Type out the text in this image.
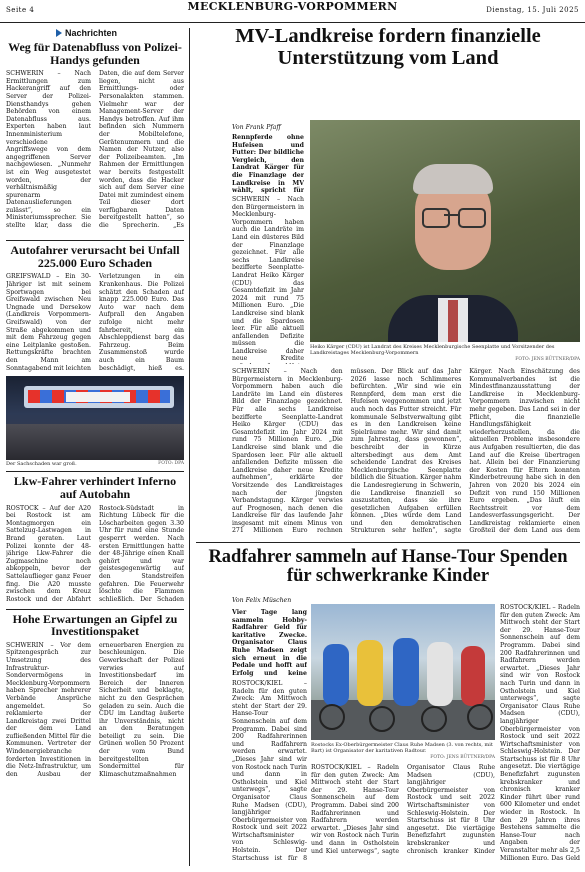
Seite 4	MECKLENBURG-VORPOMMERN	Dienstag, 15. Juli 2025
Nachrichten
Weg für Datenabfluss von Polizei-Handys gefunden
SCHWERIN – Nach Ermittlungen zum Hackerangriff auf den Server der Polizei-Diensthandys gehen Behörden von einem Datenabfluss aus. Experten haben laut Innenministerium verschiedene Angriffswege von dem angegriffenen Server nachgewiesen. „Nunmehr ist ein Weg ausgetestet worden, der verhältnismäßig spurenarm Datenauslieferungen zulässt“, so ein Ministeriumssprecher. Sie stellte klar, dass die Daten, die auf dem Server liegen, nicht aus Ermittlungs- oder Personalakten stammen. Vielmehr war der Management-Server der Handys betroffen. Auf ihm befinden sich Nummern der Mobiltelefone, Gerätenummern und die Namen der Nutzer, also der Polizeibeamten. „Im Rahmen der Ermittlungen war bereits festgestellt worden, dass die Hacker sich auf dem Server eine Datei mit zumindest einem Teil dieser dort verfügbaren Daten bereitgestellt hatten“, so die Sprecherin. „Es
Autofahrer verursacht bei Unfall 225.000 Euro Schaden
GREIFSWALD – Ein 30-Jähriger ist mit seinem Sportwagen bei Greifswald zwischen Neu Ungnade und Dersekow (Landkreis Vorpommern-Greifswald) von der Straße abgekommen und mit dem Fahrzeug gegen eine Leitplanke gestoßen. Rettungskräfte brachten den Mann am Sonntagabend mit leichten Verletzungen in ein Krankenhaus. Die Polizei schätzt den Schaden auf knapp 225.000 Euro. Das Auto war nach dem Aufprall den Angaben zufolge nicht mehr fahrbereit, ein Abschleppdienst barg das Fahrzeug. Beim Zusammenstoß wurde auch ein Baum beschädigt, hieß es.
Der Sachschaden war groß.	FOTO: DPA
Lkw-Fahrer verhindert Inferno auf Autobahn
ROSTOCK – Auf der A20 bei Rostock ist am Montagmorgen ein Sattelzug-Lastwagen in Brand geraten. Laut Polizei konnte der 48-jährige Lkw-Fahrer die Zugmaschine noch abkoppeln, bevor der Sattelauflieger ganz Feuer fing. Die A20 musste zwischen dem Kreuz Rostock und der Abfahrt Rostock-Südstadt in Richtung Lübeck für die Löscharbeiten gegen 3.30 Uhr für rund eine Stunde gesperrt werden. Nach ersten Ermittlungen hatte der 48-Jährige einen Knall gehört und war geistesgegenwärtig auf den Standstreifen gefahren. Die Feuerwehr löschte die Flammen schließlich. Der Schaden
Hohe Erwartungen an Gipfel zu Investitionspaket
SCHWERIN – Vor dem Spitzengespräch zur Umsetzung des Infrastruktur-Sondervermögens in Mecklenburg-Vorpommern haben Sprecher mehrerer Verbände Ansprüche angemeldet. So reklamierte der Landkreistag zwei Drittel der dem Land zufließenden Mittel für die Kommunen. Vertreter der Windenergiebranche forderten Investitionen in die Netz-Infrastruktur, um den Ausbau der erneuerbaren Energien zu beschleunigen. Die Gewerkschaft der Polizei verwies auf Investitionsbedarf im Bereich der Inneren Sicherheit und beklagte, nicht zu den Gesprächen geladen zu sein. Auch die CDU im Landtag äußerte ihr Unverständnis, nicht an den Beratungen beteiligt zu sein. Die Grünen wollen 50 Prozent der vom Bund bereitgestellten Sondermittel für Klimaschutzmaßnahmen
MV-Landkreise fordern finanzielle Unterstützung vom Land
Von Frank Pfaff
Rennpferde ohne Hufeisen und Futter: Der bildliche Vergleich, den Landrat Kärger für die Finanzlage der Landkreise in MV wählt, spricht für
Heiko Kärger (CDU) ist Landrat des Kreises Mecklenburgische Seenplatte und Vorsitzender des Landkreistages Mecklenburg-Vorpommern
FOTO: JENS BÜTTNER/DPA
SCHWERIN – Nach den Bürgermeistern in Mecklenburg-Vorpommern haben auch die Landräte im Land ein düsteres Bild der Finanzlage gezeichnet. Für alle sechs Landkreise bezifferte Seenplatte-Landrat Heiko Kärger (CDU) das Gesamtdefizit im Jahr 2024 mit rund 75 Millionen Euro. „Die Landkreise sind blank und die Spardosen leer. Für alle aktuell anfallenden Defizite müssen die Landkreise daher neue Kredite
SCHWERIN – Nach den Bürgermeistern in Mecklenburg-Vorpommern haben auch die Landräte im Land ein düsteres Bild der Finanzlage gezeichnet. Für alle sechs Landkreise bezifferte Seenplatte-Landrat Heiko Kärger (CDU) das Gesamtdefizit im Jahr 2024 mit rund 75 Millionen Euro. „Die Landkreise sind blank und die Spardosen leer. Für alle aktuell anfallenden Defizite müssen die Landkreise daher neue Kredite aufnehmen“, erklärte der Vorsitzende des Landkreistages nach der jüngsten Verbandstagung. Kärger verwies auf Prognosen, nach denen die Landkreise für das laufende Jahr insgesamt mit einem Minus von 271 Millionen Euro rechnen müssen. Der Blick auf das Jahr 2026 lasse noch Schlimmeres befürchten. „Wir sind wie ein Rennpferd, dem man erst die Hufeisen weggenommen und jetzt auch noch das Futter streicht. Für kommunale Selbstverwaltung gibt es in den Landkreisen keine Spielräume mehr. Wir sind damit zum Jahrestag, dass gewonnen“, beschreibt der in Kürze altersbedingt aus dem Amt scheidende Landrat des Kreises Mecklenburgische Seenplatte bildlich die Situation. Kärger nahm die Landesregierung in Schwerin, die Landkreise finanziell so auszustatten, dass sie ihre gesetzlichen Aufgaben erfüllen können. „Dies würde dem Land und den demokratischen Strukturen sehr helfen“, sagte Kärger. Nach Einschätzung des Kommunalverbandes ist die Mindestfinanzausstattung der Landkreise in Mecklenburg-Vorpommern inzwischen nicht mehr gegeben. Das Land sei in der Pflicht, die finanzielle Handlungsfähigkeit wiederherzustellen, da die aktuellen Probleme insbesondere aus Aufgaben resultierten, die das Land auf die Kreise übertragen hat. Allein bei der Finanzierung der Kosten für Eltern konnten Kinderbetreuung habe sich in den Jahren von 2020 bis 2024 ein Defizit von rund 150 Millionen Euro ergeben. „Das läuft ein Rechtsstreit vor dem Landesverfassungsgericht. Der Landkreistag reklamierte einen Großteil der dem Land aus dem
Radfahrer sammeln auf Hanse-Tour Spenden für schwerkranke Kinder
Von Felix Müschen
Vier Tage lang sammeln Hobby-Radfahrer Geld für karitative Zwecke. Organisator Claus Ruhe Madsen zeigt sich erneut in die Pedale und hofft auf Erfolg und keine
Rostocks Ex-Oberbürgermeister Claus Ruhe Madsen (3. von rechts, mit Bart) ist Organisator der karitativen Radtour.
FOTO: JENS BÜTTNER/DPA
ROSTOCK/KIEL – Radeln für den guten Zweck: Am Mittwoch steht der Start der 29. Hanse-Tour Sonnenschein auf dem Programm. Dabei sind 200 Radfahrerinnen und Radfahrern werden erwartet. „Dieses Jahr sind wir von Rostock nach Turin und dann in Ostholstein und Kiel unterwegs“, sagte Organisator Claus Ruhe Madsen (CDU), langjähriger Oberbürgermeister von Rostock und seit 2022 Wirtschaftsminister von Schleswig-Holstein. Der Startschuss ist für 8
ROSTOCK/KIEL – Radeln für den guten Zweck: Am Mittwoch steht der Start der 29. Hanse-Tour Sonnenschein auf dem Programm. Dabei sind 200 Radfahrerinnen und Radfahrern werden erwartet. „Dieses Jahr sind wir von Rostock nach Turin und dann in Ostholstein und Kiel unterwegs“, sagte Organisator Claus Ruhe Madsen (CDU), langjähriger Oberbürgermeister von Rostock und seit 2022 Wirtschaftsminister von Schleswig-Holstein. Der Startschuss ist für 8 Uhr angesetzt. Die viertägige Benefizfahrt zugunsten krebskranker und chronisch kranker Kinder führt über rund 600 Kilometer und endet wieder in Rostock. In den 29 Jahren ihres Bestehens sammelte die Hanse-Tour nach Angaben der Veranstalter mehr als 2,5 Millionen Euro. Das Geld
ROSTOCK/KIEL – Radeln für den guten Zweck: Am Mittwoch steht der Start der 29. Hanse-Tour Sonnenschein auf dem Programm. Dabei sind 200 Radfahrerinnen und Radfahrern werden erwartet. „Dieses Jahr sind wir von Rostock nach Turin und dann in Ostholstein und Kiel unterwegs“, sagte Organisator Claus Ruhe Madsen (CDU), langjähriger Oberbürgermeister von Rostock und seit 2022 Wirtschaftsminister von Schleswig-Holstein. Der Startschuss ist für 8 Uhr angesetzt. Die viertägige Benefizfahrt zugunsten krebskranker und chronisch kranker Kinder
